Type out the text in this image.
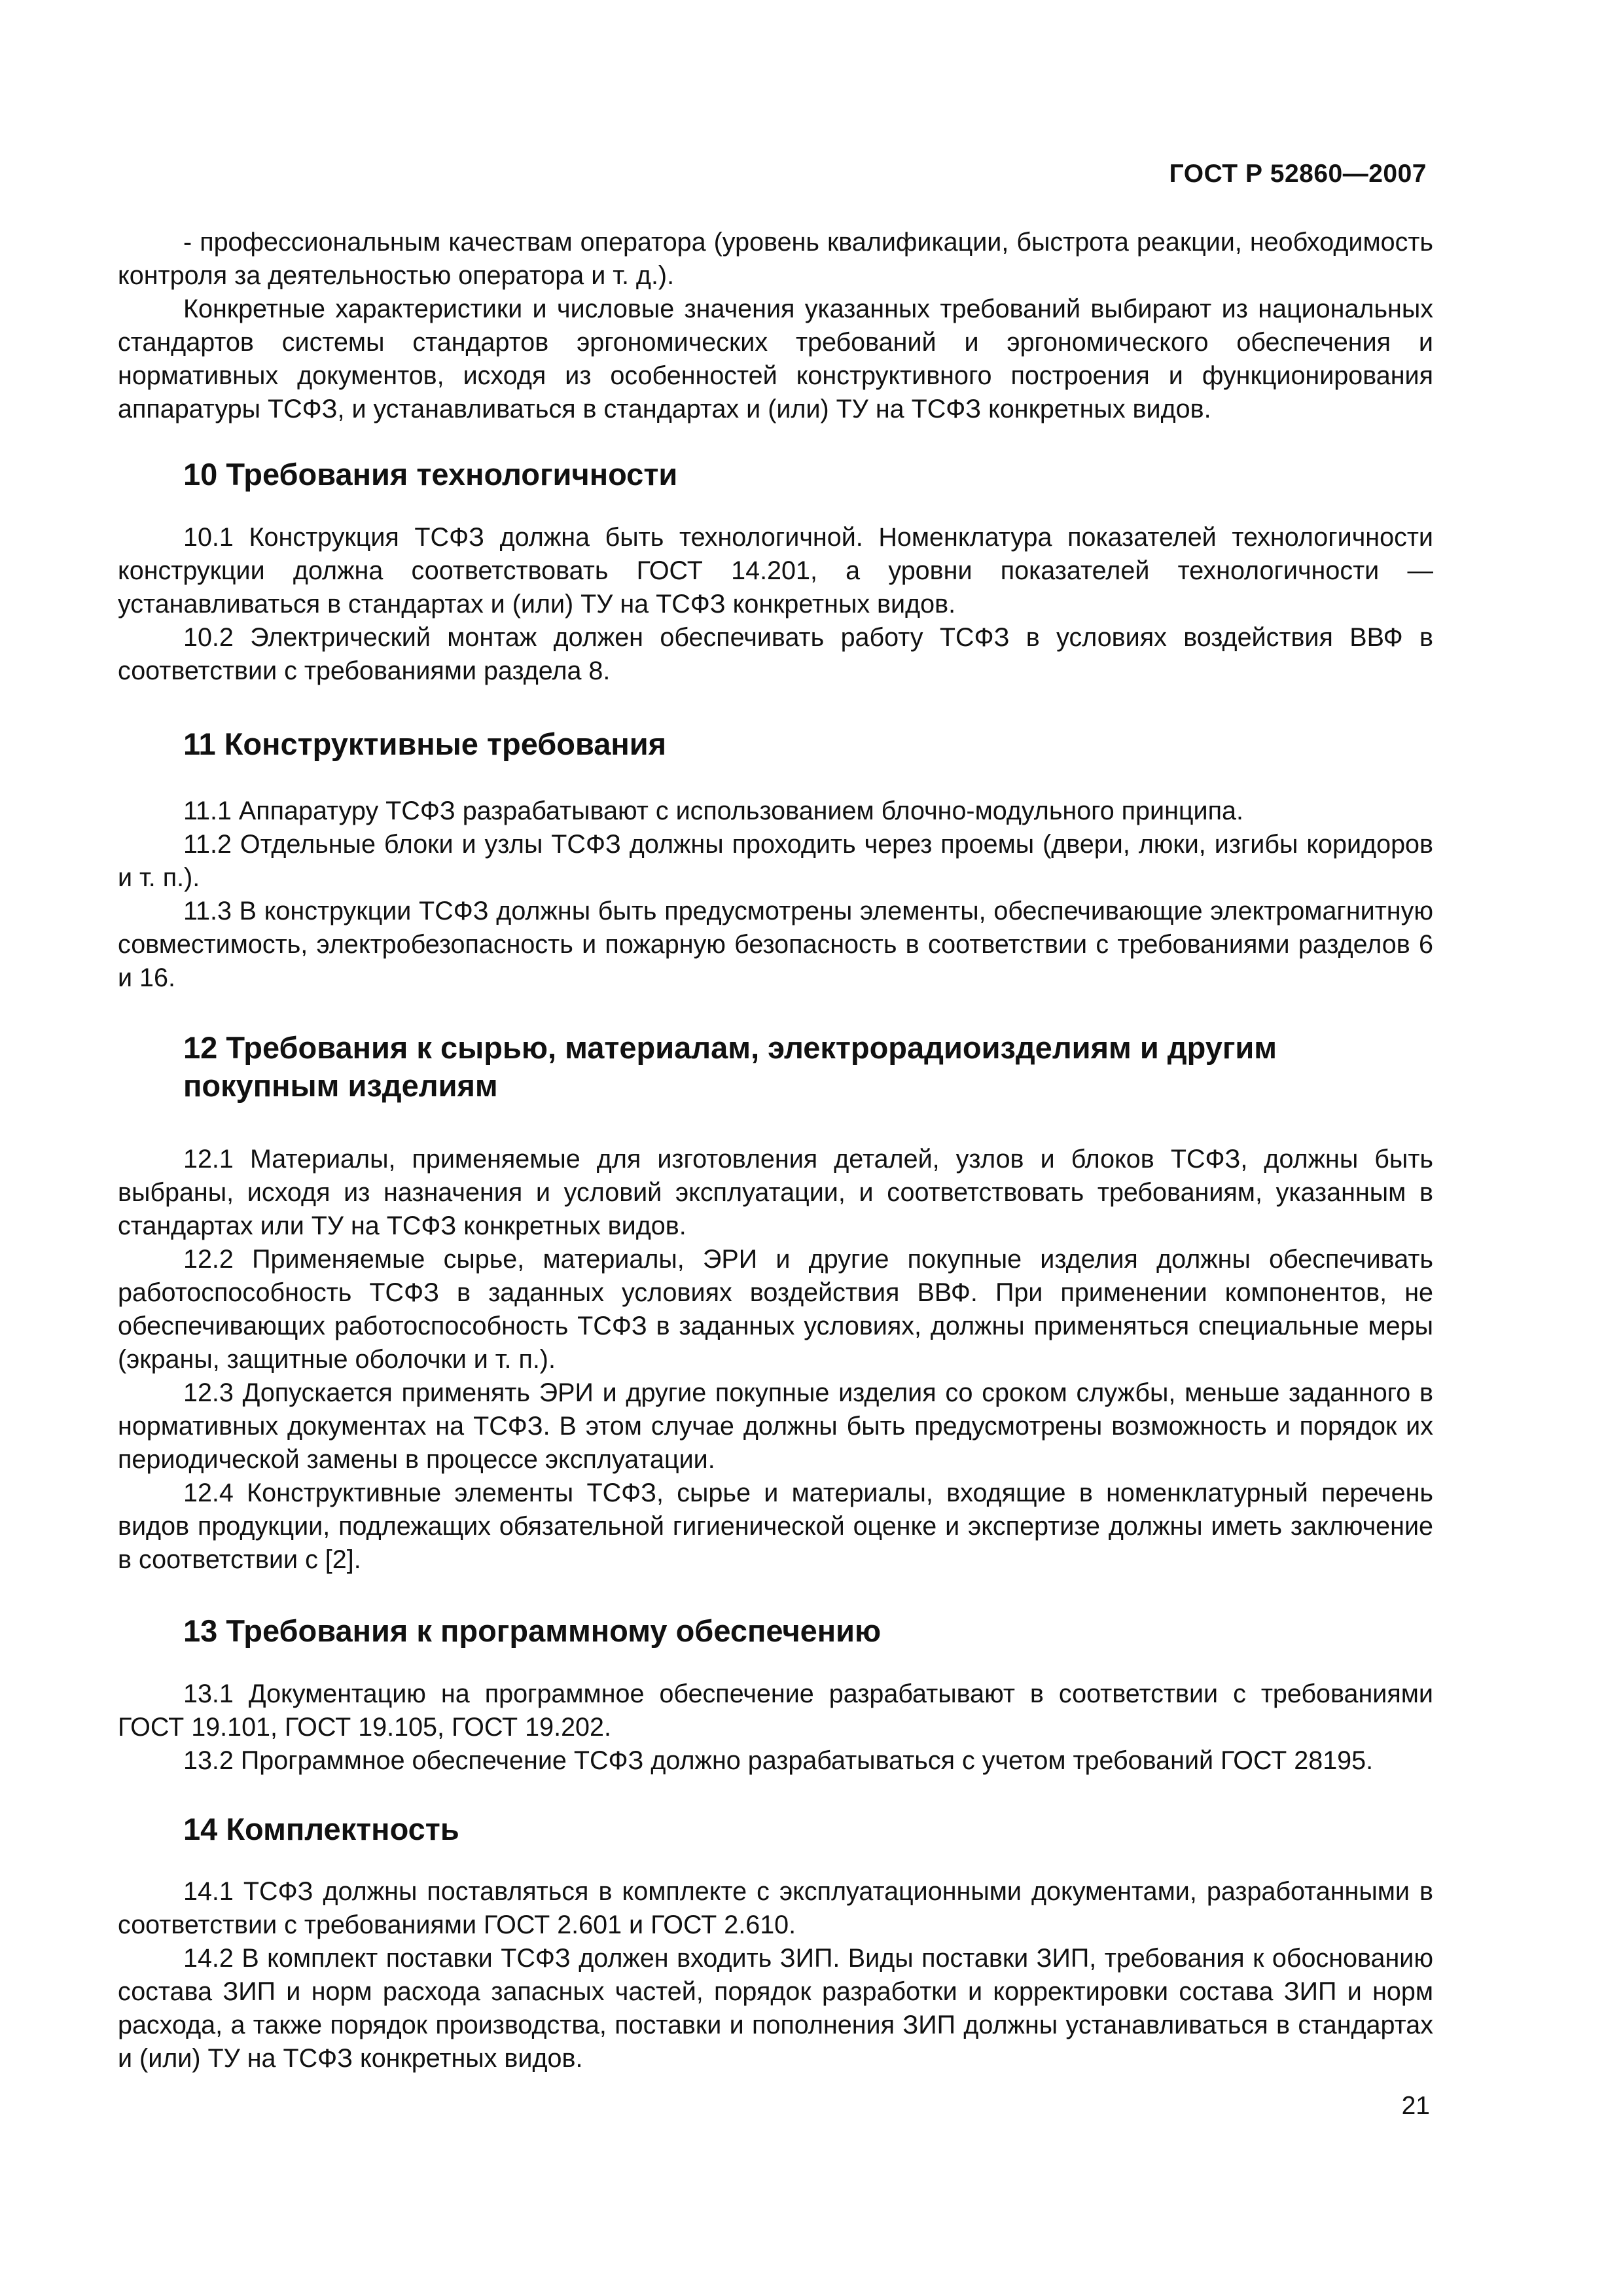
ГОСТ Р 52860—2007

- профессиональным качествам оператора (уровень квалификации, быстрота реакции, необходимость контроля за деятельностью оператора и т. д.).

Конкретные характеристики и числовые значения указанных требований выбирают из национальных стандартов системы стандартов эргономических требований и эргономического обеспечения и нормативных документов, исходя из особенностей конструктивного построения и функционирования аппаратуры ТСФЗ, и устанавливаться в стандартах и (или) ТУ на ТСФЗ конкретных видов.

10 Требования технологичности

10.1 Конструкция ТСФЗ должна быть технологичной. Номенклатура показателей технологичности конструкции должна соответствовать ГОСТ 14.201, а уровни показателей технологичности — устанавливаться в стандартах и (или) ТУ на ТСФЗ конкретных видов.

10.2 Электрический монтаж должен обеспечивать работу ТСФЗ в условиях воздействия ВВФ в соответствии с требованиями раздела 8.

11 Конструктивные требования

11.1 Аппаратуру ТСФЗ разрабатывают с использованием блочно-модульного принципа.

11.2 Отдельные блоки и узлы ТСФЗ должны проходить через проемы (двери, люки, изгибы коридоров и т. п.).

11.3 В конструкции ТСФЗ должны быть предусмотрены элементы, обеспечивающие электромагнитную совместимость, электробезопасность и пожарную безопасность в соответствии с требованиями разделов 6 и 16.

12 Требования к сырью, материалам, электрорадиоизделиям и другим покупным изделиям

12.1 Материалы, применяемые для изготовления деталей, узлов и блоков ТСФЗ, должны быть выбраны, исходя из назначения и условий эксплуатации, и соответствовать требованиям, указанным в стандартах или ТУ на ТСФЗ конкретных видов.

12.2 Применяемые сырье, материалы, ЭРИ и другие покупные изделия должны обеспечивать работоспособность ТСФЗ в заданных условиях воздействия ВВФ. При применении компонентов, не обеспечивающих работоспособность ТСФЗ в заданных условиях, должны применяться специальные меры (экраны, защитные оболочки и т. п.).

12.3 Допускается применять ЭРИ и другие покупные изделия со сроком службы, меньше заданного в нормативных документах на ТСФЗ. В этом случае должны быть предусмотрены возможность и порядок их периодической замены в процессе эксплуатации.

12.4 Конструктивные элементы ТСФЗ, сырье и материалы, входящие в номенклатурный перечень видов продукции, подлежащих обязательной гигиенической оценке и экспертизе должны иметь заключение в соответствии с [2].

13 Требования к программному обеспечению

13.1 Документацию на программное обеспечение разрабатывают в соответствии с требованиями ГОСТ 19.101, ГОСТ 19.105, ГОСТ 19.202.

13.2 Программное обеспечение ТСФЗ должно разрабатываться с учетом требований ГОСТ 28195.

14 Комплектность

14.1 ТСФЗ должны поставляться в комплекте с эксплуатационными документами, разработанными в соответствии с требованиями ГОСТ 2.601 и ГОСТ 2.610.

14.2 В комплект поставки ТСФЗ должен входить ЗИП. Виды поставки ЗИП, требования к обоснованию состава ЗИП и норм расхода запасных частей, порядок разработки и корректировки состава ЗИП и норм расхода, а также порядок производства, поставки и пополнения ЗИП должны устанавливаться в стандартах и (или) ТУ на ТСФЗ конкретных видов.

21
